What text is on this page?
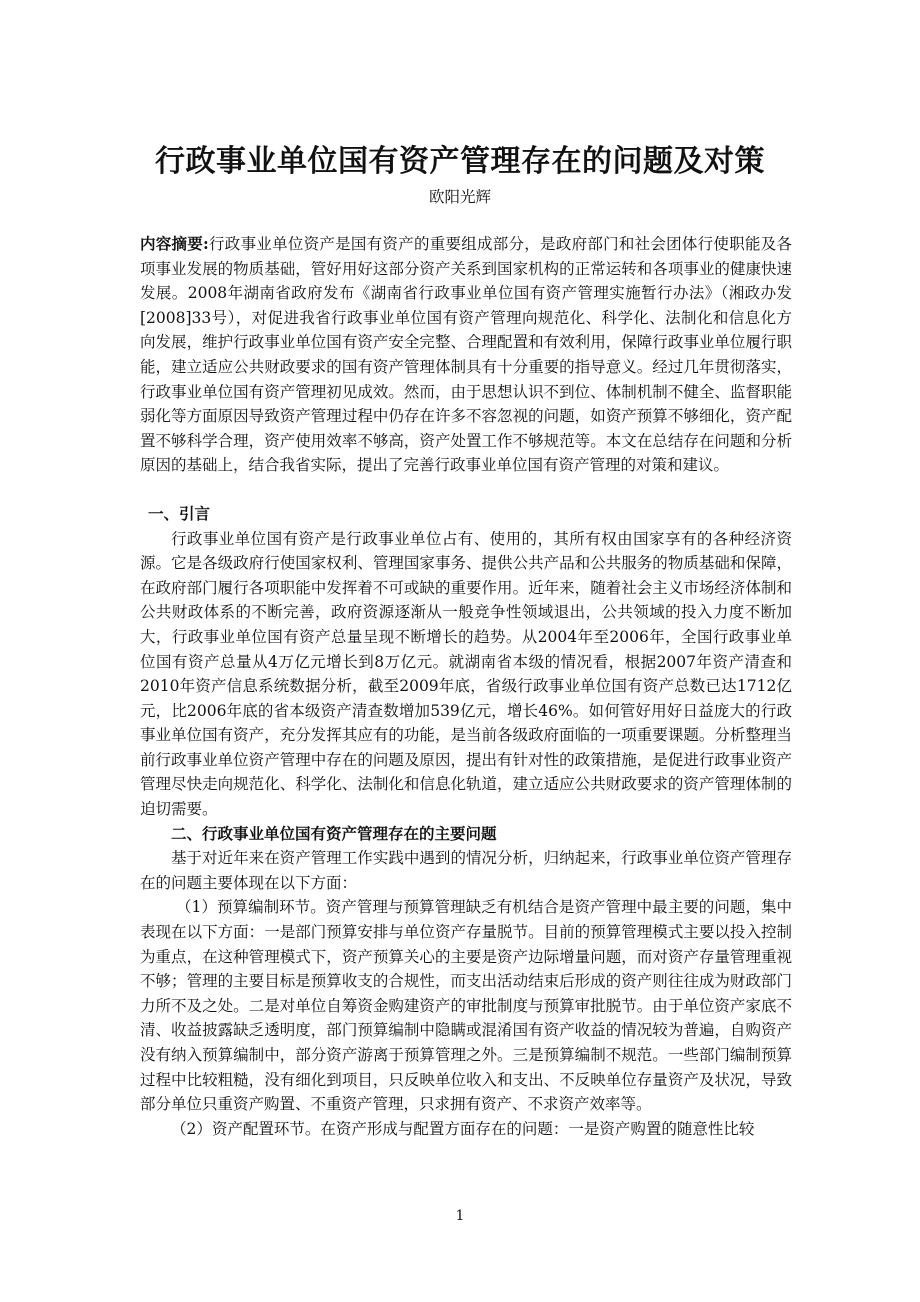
行政事业单位国有资产管理存在的问题及对策
欧阳光辉

内容摘要:行政事业单位资产是国有资产的重要组成部分，是政府部门和社会团体行使职能及各项事业发展的物质基础，管好用好这部分资产关系到国家机构的正常运转和各项事业的健康快速发展。2008年湖南省政府发布《湖南省行政事业单位国有资产管理实施暂行办法》（湘政办发[2008]33号），对促进我省行政事业单位国有资产管理向规范化、科学化、法制化和信息化方向发展，维护行政事业单位国有资产安全完整、合理配置和有效利用，保障行政事业单位履行职能，建立适应公共财政要求的国有资产管理体制具有十分重要的指导意义。经过几年贯彻落实，行政事业单位国有资产管理初见成效。然而，由于思想认识不到位、体制机制不健全、监督职能弱化等方面原因导致资产管理过程中仍存在许多不容忽视的问题，如资产预算不够细化，资产配置不够科学合理，资产使用效率不够高，资产处置工作不够规范等。本文在总结存在问题和分析原因的基础上，结合我省实际，提出了完善行政事业单位国有资产管理的对策和建议。

一、引言

行政事业单位国有资产是行政事业单位占有、使用的，其所有权由国家享有的各种经济资源。它是各级政府行使国家权利、管理国家事务、提供公共产品和公共服务的物质基础和保障，在政府部门履行各项职能中发挥着不可或缺的重要作用。近年来，随着社会主义市场经济体制和公共财政体系的不断完善，政府资源逐渐从一般竞争性领域退出，公共领域的投入力度不断加大，行政事业单位国有资产总量呈现不断增长的趋势。从2004年至2006年，全国行政事业单位国有资产总量从4万亿元增长到8万亿元。就湖南省本级的情况看，根据2007年资产清查和2010年资产信息系统数据分析，截至2009年底，省级行政事业单位国有资产总数已达1712亿元，比2006年底的省本级资产清查数增加539亿元，增长46%。如何管好用好日益庞大的行政事业单位国有资产，充分发挥其应有的功能，是当前各级政府面临的一项重要课题。分析整理当前行政事业单位资产管理中存在的问题及原因，提出有针对性的政策措施，是促进行政事业资产管理尽快走向规范化、科学化、法制化和信息化轨道，建立适应公共财政要求的资产管理体制的迫切需要。

二、行政事业单位国有资产管理存在的主要问题

基于对近年来在资产管理工作实践中遇到的情况分析，归纳起来，行政事业单位资产管理存在的问题主要体现在以下方面：

（1）预算编制环节。资产管理与预算管理缺乏有机结合是资产管理中最主要的问题，集中表现在以下方面：一是部门预算安排与单位资产存量脱节。目前的预算管理模式主要以投入控制为重点，在这种管理模式下，资产预算关心的主要是资产边际增量问题，而对资产存量管理重视不够；管理的主要目标是预算收支的合规性，而支出活动结束后形成的资产则往往成为财政部门力所不及之处。二是对单位自筹资金购建资产的审批制度与预算审批脱节。由于单位资产家底不清、收益披露缺乏透明度，部门预算编制中隐瞒或混淆国有资产收益的情况较为普遍，自购资产没有纳入预算编制中，部分资产游离于预算管理之外。三是预算编制不规范。一些部门编制预算过程中比较粗糙，没有细化到项目，只反映单位收入和支出、不反映单位存量资产及状况，导致部分单位只重资产购置、不重资产管理，只求拥有资产、不求资产效率等。

（2）资产配置环节。在资产形成与配置方面存在的问题：一是资产购置的随意性比较

1
